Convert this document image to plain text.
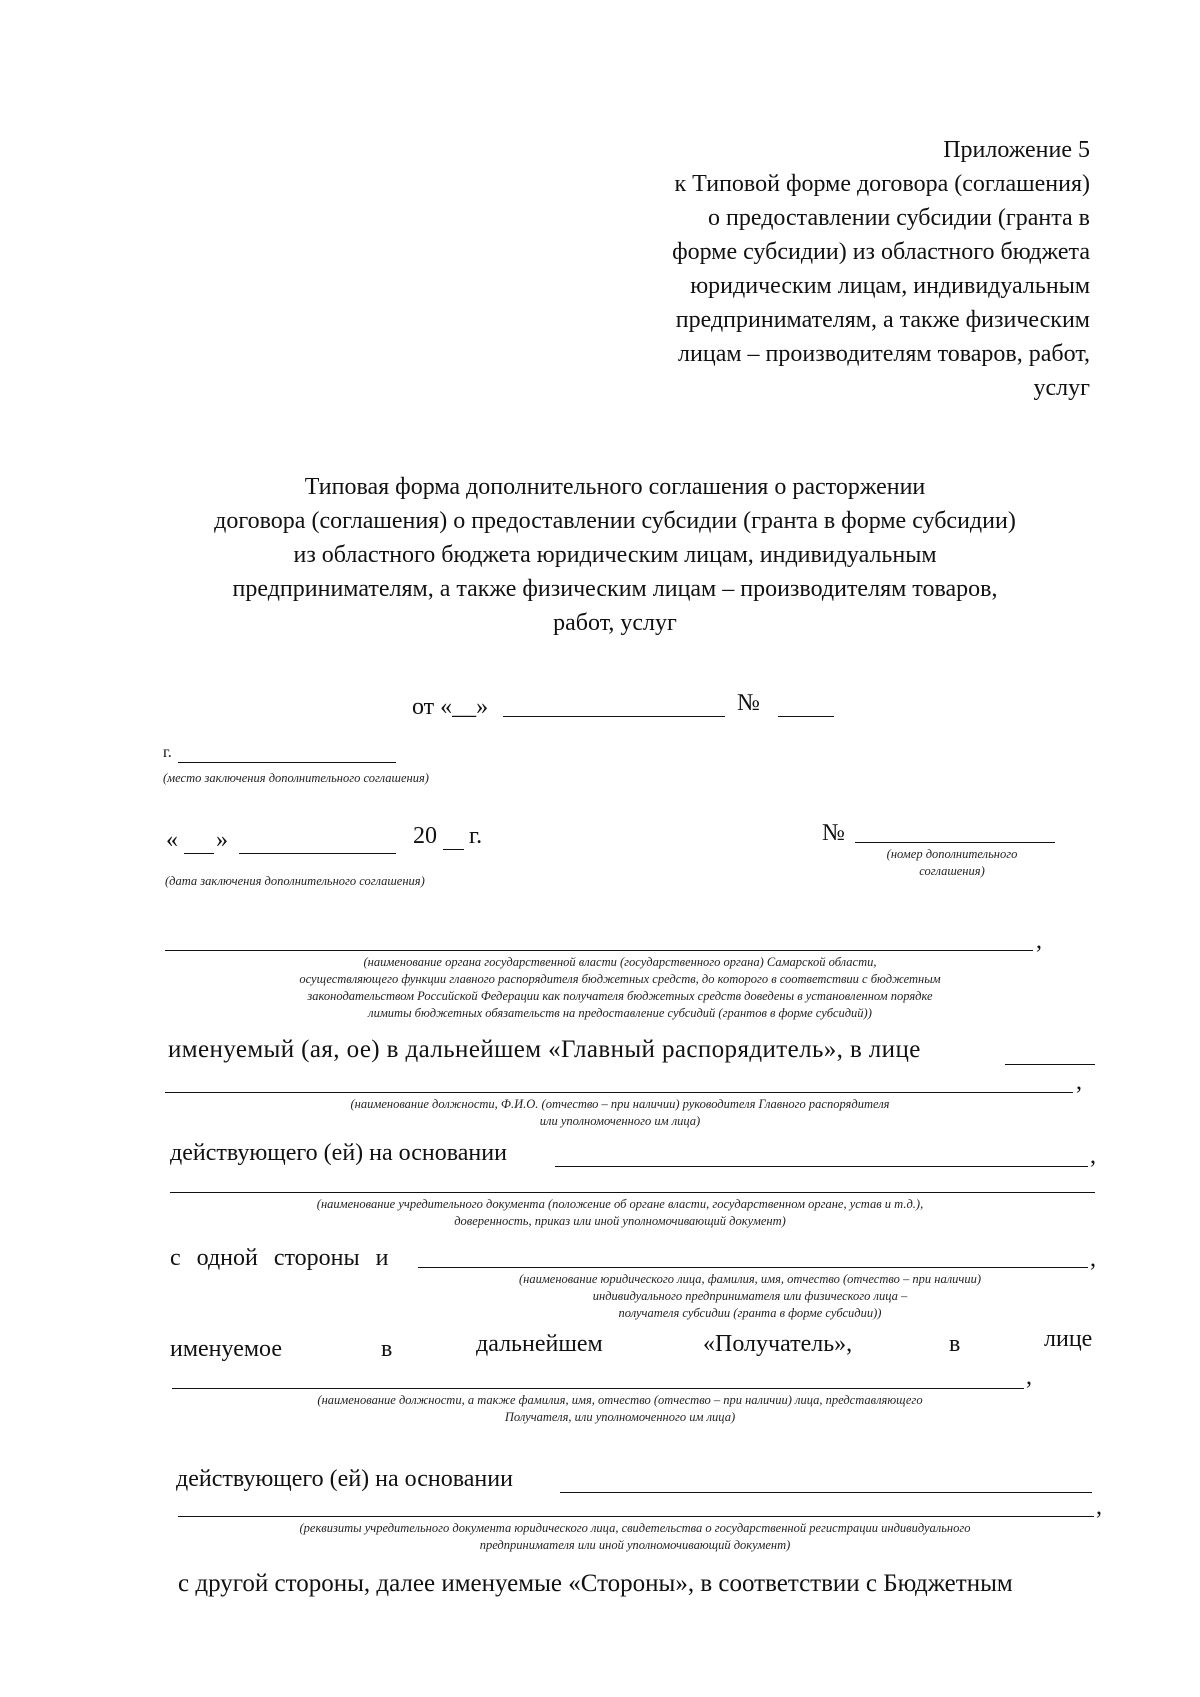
Приложение 5
к Типовой форме договора (соглашения)
о предоставлении субсидии (гранта в
форме субсидии) из областного бюджета
юридическим лицам, индивидуальным
предпринимателям, а также физическим
лицам – производителям товаров, работ,
услуг
Типовая форма дополнительного соглашения о расторжении
договора (соглашения) о предоставлении субсидии (гранта в форме субсидии)
из областного бюджета юридическим лицам, индивидуальным
предпринимателям, а также физическим лицам – производителям товаров,
работ, услуг
от «__»	№
г.
(место заключения дополнительного соглашения)
« »	20 г.
(дата заключения дополнительного соглашения)
№
(номер дополнительного
соглашения)
,
(наименование органа государственной власти (государственного органа) Самарской области,
осуществляющего функции главного распорядителя бюджетных средств, до которого в соответствии с бюджетным
законодательством Российской Федерации как получателя бюджетных средств доведены в установленном порядке
лимиты бюджетных обязательств на предоставление субсидий (грантов в форме субсидий))
именуемый (ая, ое) в дальнейшем «Главный распорядитель», в лице
,
(наименование должности, Ф.И.О. (отчество – при наличии) руководителя Главного распорядителя
или уполномоченного им лица)
действующего (ей) на основании	,
(наименование учредительного документа (положение об органе власти, государственном органе, устав и т.д.),
доверенность, приказ или иной уполномочивающий документ)
с одной стороны и	,
(наименование юридического лица, фамилия, имя, отчество (отчество – при наличии)
индивидуального предпринимателя или физического лица –
получателя субсидии (гранта в форме субсидии))
именуемое	в	дальнейшем	«Получатель»,	в	лице
,
(наименование должности, а также фамилия, имя, отчество (отчество – при наличии) лица, представляющего
Получателя, или уполномоченного им лица)
действующего (ей) на основании
,
(реквизиты учредительного документа юридического лица, свидетельства о государственной регистрации индивидуального
предпринимателя или иной уполномочивающий документ)
с другой стороны, далее именуемые «Стороны», в соответствии с Бюджетным
